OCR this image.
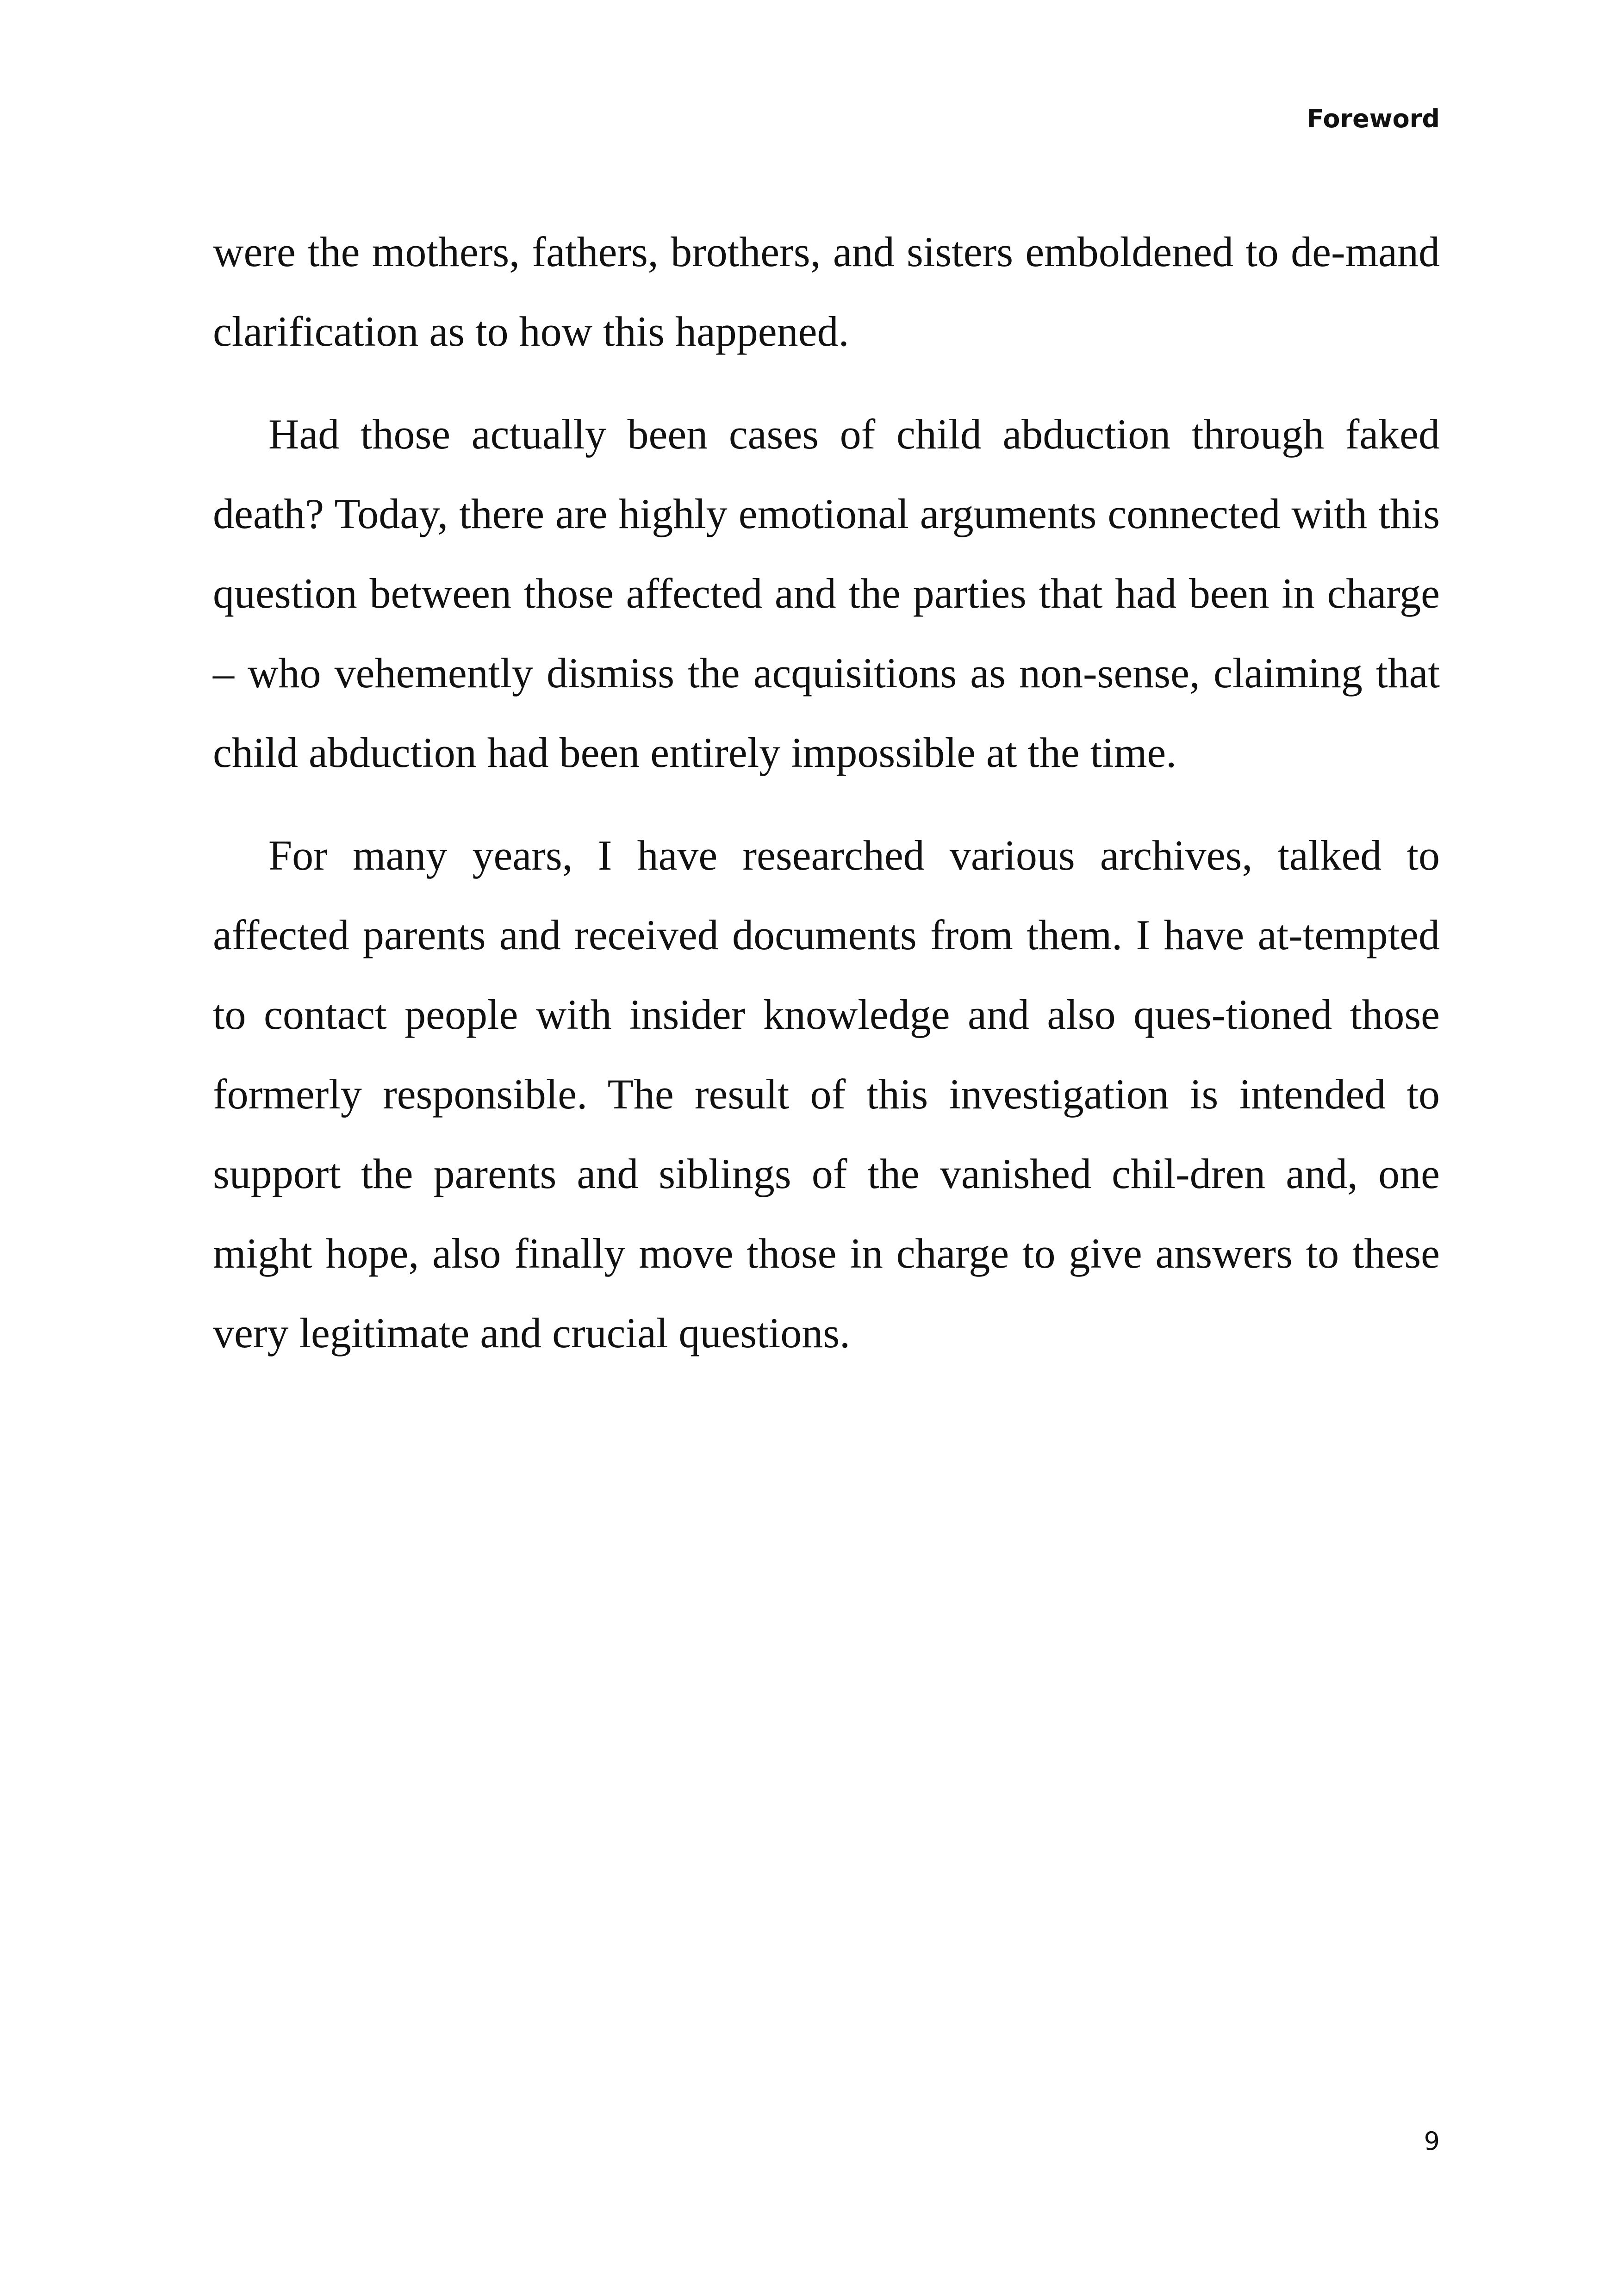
Foreword

were the mothers, fathers, brothers, and sisters emboldened to de-mand clarification as to how this happened.

Had those actually been cases of child abduction through faked death? Today, there are highly emotional arguments connected with this question between those affected and the parties that had been in charge – who vehemently dismiss the acquisitions as non-sense, claiming that child abduction had been entirely impossible at the time.

For many years, I have researched various archives, talked to affected parents and received documents from them. I have at-tempted to contact people with insider knowledge and also ques-tioned those formerly responsible. The result of this investigation is intended to support the parents and siblings of the vanished chil-dren and, one might hope, also finally move those in charge to give answers to these very legitimate and crucial questions.

9
